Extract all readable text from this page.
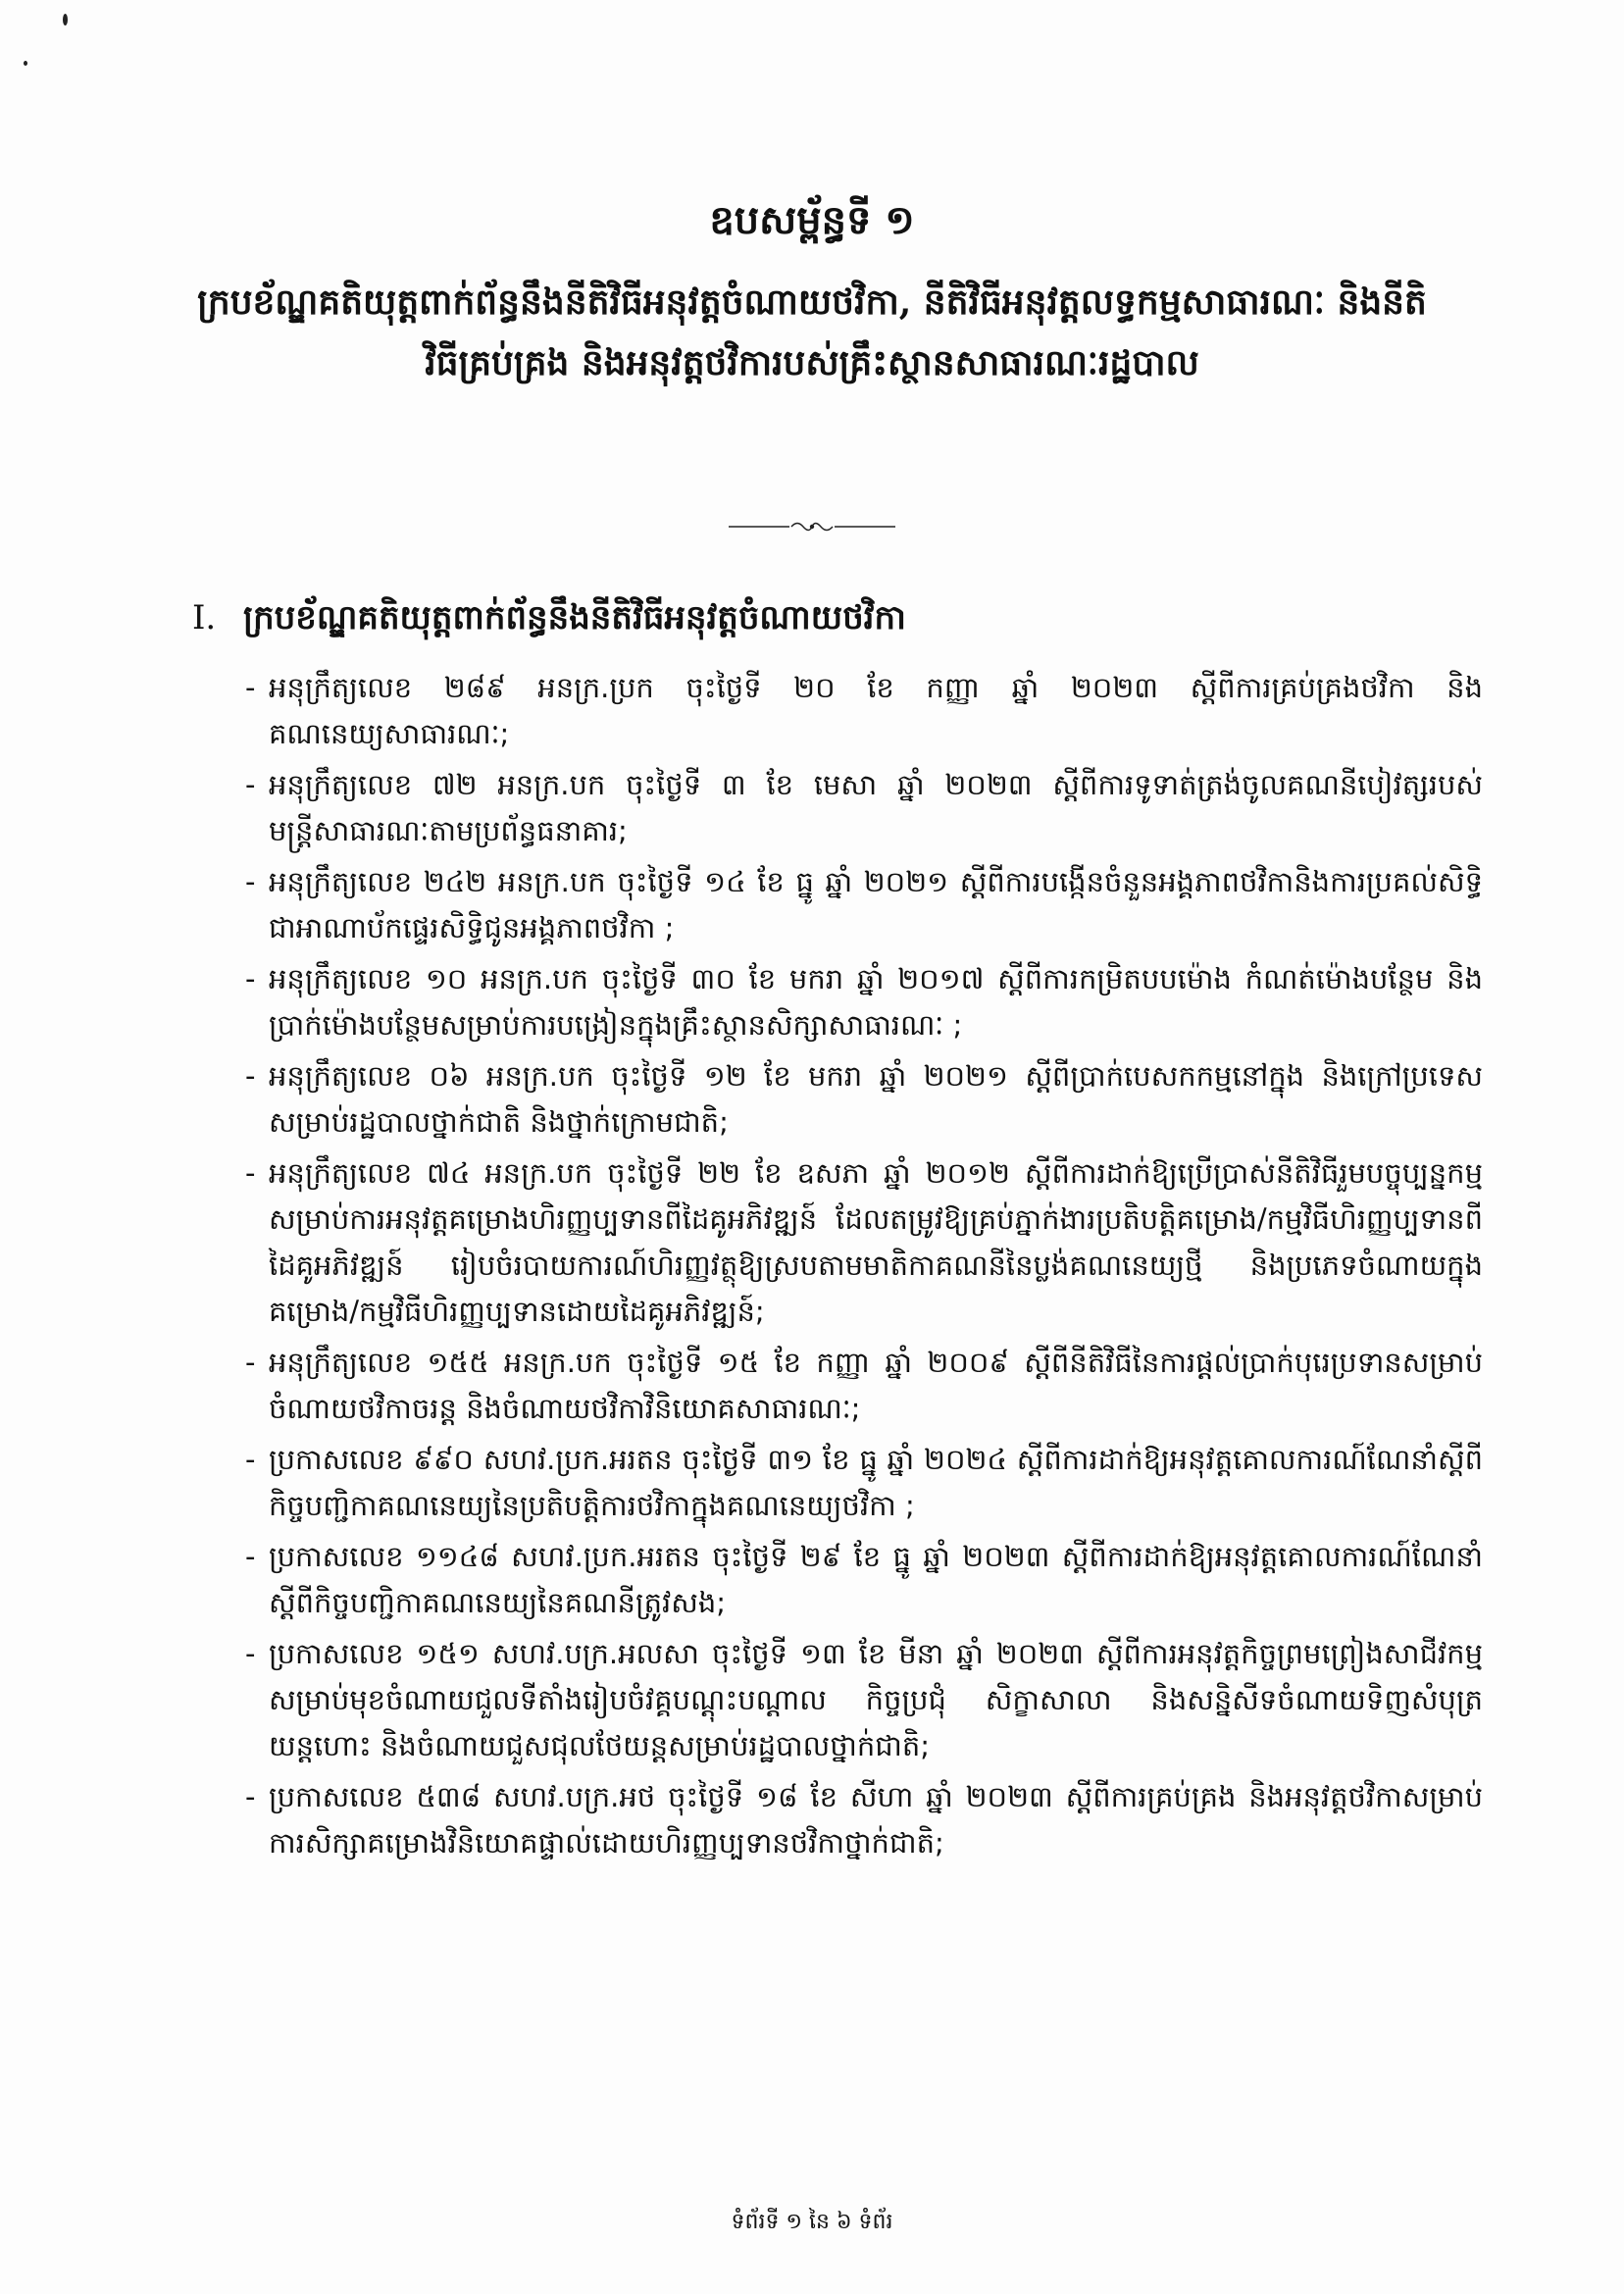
ឧបសម្ព័ន្ធទី ១
ក្របខ័ណ្ឌគតិយុត្តពាក់ព័ន្ធនឹងនីតិវិធីអនុវត្តចំណាយថវិកា, នីតិវិធីអនុវត្តលទ្ធកម្មសាធារណៈ និងនីតិវិធីគ្រប់គ្រង និងអនុវត្តថវិការបស់គ្រឹះស្ថានសាធារណៈរដ្ឋបាល
I. ក្របខ័ណ្ឌគតិយុត្តពាក់ព័ន្ធនឹងនីតិវិធីអនុវត្តចំណាយថវិកា
- អនុក្រឹត្យលេខ ២៨៩ អនក្រ.ប្រក ចុះថ្ងៃទី ២០ ខែ កញ្ញា ឆ្នាំ ២០២៣ ស្តីពីការគ្រប់គ្រងថវិកា និងគណនេយ្យសាធារណៈ;
- អនុក្រឹត្យលេខ ៧២ អនក្រ.បក ចុះថ្ងៃទី ៣ ខែ មេសា ឆ្នាំ ២០២៣ ស្តីពីការទូទាត់ត្រង់ចូលគណនីបៀវត្សរបស់មន្ត្រីសាធារណៈតាមប្រព័ន្ធធនាគារ;
- អនុក្រឹត្យលេខ ២៤២ អនក្រ.បក ចុះថ្ងៃទី ១៤ ខែ ធ្នូ ឆ្នាំ ២០២១ ស្តីពីការបង្កើនចំនួនអង្គភាពថវិកានិងការប្រគល់សិទ្ធិជាអាណាប័កផ្ទេរសិទ្ធិជូនអង្គភាពថវិកា ;
- អនុក្រឹត្យលេខ ១០ អនក្រ.បក ចុះថ្ងៃទី ៣០ ខែ មករា ឆ្នាំ ២០១៧ ស្តីពីការកម្រិតបបម៉ោង កំណត់ម៉ោងបន្ថែម និងប្រាក់ម៉ោងបន្ថែមសម្រាប់ការបង្រៀនក្នុងគ្រឹះស្ថានសិក្សាសាធារណៈ ;
- អនុក្រឹត្យលេខ ០៦ អនក្រ.បក ចុះថ្ងៃទី ១២ ខែ មករា ឆ្នាំ ២០២១ ស្តីពីប្រាក់បេសកកម្មនៅក្នុង និងក្រៅប្រទេសសម្រាប់រដ្ឋបាលថ្នាក់ជាតិ និងថ្នាក់ក្រោមជាតិ;
- អនុក្រឹត្យលេខ ៧៤ អនក្រ.បក ចុះថ្ងៃទី ២២ ខែ ឧសភា ឆ្នាំ ២០១២ ស្តីពីការដាក់ឱ្យប្រើប្រាស់នីតិវិធីរួមបច្ចុប្បន្នកម្មសម្រាប់ការអនុវត្តគម្រោងហិរញ្ញប្បទានពីដៃគូអភិវឌ្ឍន៍ ដែលតម្រូវឱ្យគ្រប់ភ្នាក់ងារប្រតិបត្តិគម្រោង/កម្មវិធីហិរញ្ញប្បទានពីដៃគូអភិវឌ្ឍន៍ រៀបចំរបាយការណ៍ហិរញ្ញវត្ថុឱ្យស្របតាមមាតិកាគណនីនៃប្លង់គណនេយ្យថ្មី និងប្រភេទចំណាយក្នុងគម្រោង/កម្មវិធីហិរញ្ញប្បទានដោយដៃគូអភិវឌ្ឍន៍;
- អនុក្រឹត្យលេខ ១៥៥ អនក្រ.បក ចុះថ្ងៃទី ១៥ ខែ កញ្ញា ឆ្នាំ ២០០៩ ស្តីពីនីតិវិធីនៃការផ្តល់ប្រាក់បុរេប្រទានសម្រាប់ចំណាយថវិកាចរន្ត និងចំណាយថវិកាវិនិយោគសាធារណៈ;
- ប្រកាសលេខ ៩៩០ សហវ.ប្រក.អរតន ចុះថ្ងៃទី ៣១ ខែ ធ្នូ ឆ្នាំ ២០២៤ ស្តីពីការដាក់ឱ្យអនុវត្តគោលការណ៍ណែនាំស្តីពីកិច្ចបញ្ជិកាគណនេយ្យនៃប្រតិបត្តិការថវិកាក្នុងគណនេយ្យថវិកា ;
- ប្រកាសលេខ ១១៤៨ សហវ.ប្រក.អរតន ចុះថ្ងៃទី ២៩ ខែ ធ្នូ ឆ្នាំ ២០២៣ ស្តីពីការដាក់ឱ្យអនុវត្តគោលការណ៍ណែនាំស្តីពីកិច្ចបញ្ជិកាគណនេយ្យនៃគណនីត្រូវសង;
- ប្រកាសលេខ ១៥១ សហវ.បក្រ.អលសា ចុះថ្ងៃទី ១៣ ខែ មីនា ឆ្នាំ ២០២៣ ស្តីពីការអនុវត្តកិច្ចព្រមព្រៀងសាជីវកម្មសម្រាប់មុខចំណាយជួលទីតាំងរៀបចំវគ្គបណ្តុះបណ្តាល កិច្ចប្រជុំ សិក្ខាសាលា និងសន្និសីទចំណាយទិញសំបុត្រយន្តហោះ និងចំណាយជួសជុលថែយន្តសម្រាប់រដ្ឋបាលថ្នាក់ជាតិ;
- ប្រកាសលេខ ៥៣៨ សហវ.បក្រ.អថ ចុះថ្ងៃទី ១៨ ខែ សីហា ឆ្នាំ ២០២៣ ស្តីពីការគ្រប់គ្រង និងអនុវត្តថវិកាសម្រាប់ការសិក្សាគម្រោងវិនិយោគផ្ទាល់ដោយហិរញ្ញប្បទានថវិកាថ្នាក់ជាតិ;
ទំព័រទី ១ នៃ ៦ ទំព័រ
